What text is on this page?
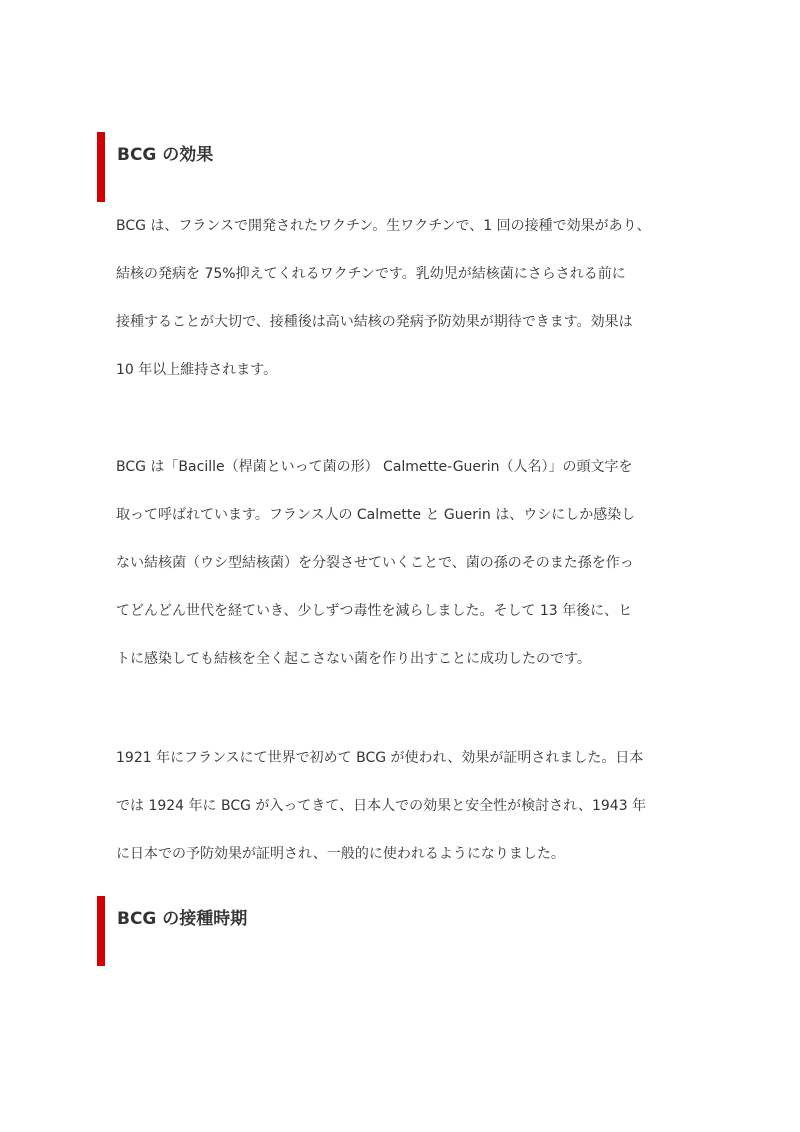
BCG の効果
BCG は、フランスで開発されたワクチン。生ワクチンで、1 回の接種で効果があり、
結核の発病を 75%抑えてくれるワクチンです。乳幼児が結核菌にさらされる前に
接種することが大切で、接種後は高い結核の発病予防効果が期待できます。効果は
10 年以上維持されます。
BCG は「Bacille（桿菌といって菌の形） Calmette-Guerin（人名）」の頭文字を
取って呼ばれています。フランス人の Calmette と Guerin は、ウシにしか感染し
ない結核菌（ウシ型結核菌）を分裂させていくことで、菌の孫のそのまた孫を作っ
てどんどん世代を経ていき、少しずつ毒性を減らしました。そして 13 年後に、ヒ
トに感染しても結核を全く起こさない菌を作り出すことに成功したのです。
1921 年にフランスにて世界で初めて BCG が使われ、効果が証明されました。日本
では 1924 年に BCG が入ってきて、日本人での効果と安全性が検討され、1943 年
に日本での予防効果が証明され、一般的に使われるようになりました。
BCG の接種時期
